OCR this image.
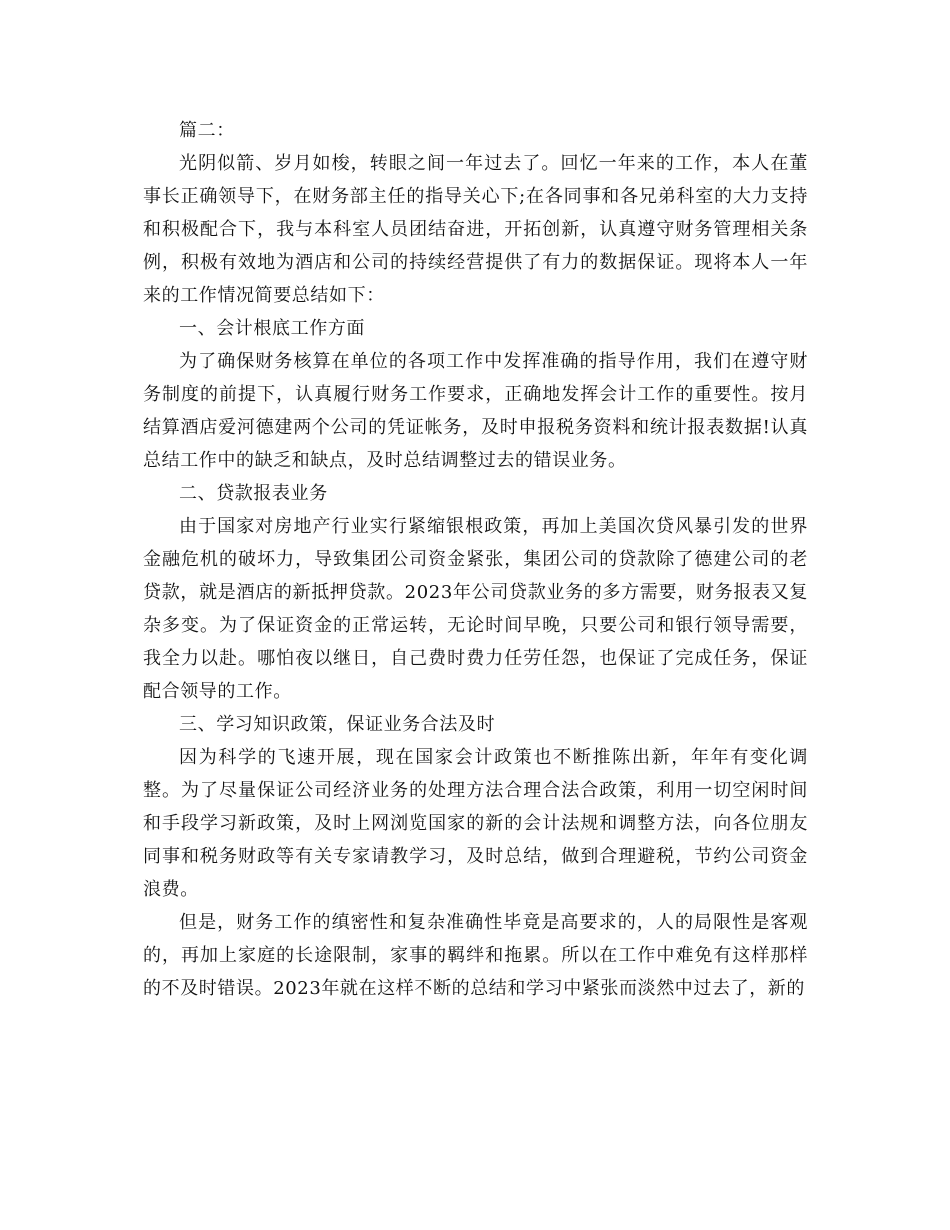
篇二：

光阴似箭、岁月如梭，转眼之间一年过去了。回忆一年来的工作，本人在董事长正确领导下，在财务部主任的指导关心下;在各同事和各兄弟科室的大力支持和积极配合下，我与本科室人员团结奋进，开拓创新，认真遵守财务管理相关条例，积极有效地为酒店和公司的持续经营提供了有力的数据保证。现将本人一年来的工作情况简要总结如下：

一、会计根底工作方面

为了确保财务核算在单位的各项工作中发挥准确的指导作用，我们在遵守财务制度的前提下，认真履行财务工作要求，正确地发挥会计工作的重要性。按月结算酒店爱河德建两个公司的凭证帐务，及时申报税务资料和统计报表数据!认真总结工作中的缺乏和缺点，及时总结调整过去的错误业务。

二、贷款报表业务

由于国家对房地产行业实行紧缩银根政策，再加上美国次贷风暴引发的世界金融危机的破坏力，导致集团公司资金紧张，集团公司的贷款除了德建公司的老贷款，就是酒店的新抵押贷款。2023年公司贷款业务的多方需要，财务报表又复杂多变。为了保证资金的正常运转，无论时间早晚，只要公司和银行领导需要，我全力以赴。哪怕夜以继日，自己费时费力任劳任怨，也保证了完成任务，保证配合领导的工作。

三、学习知识政策，保证业务合法及时

因为科学的飞速开展，现在国家会计政策也不断推陈出新，年年有变化调整。为了尽量保证公司经济业务的处理方法合理合法合政策，利用一切空闲时间和手段学习新政策，及时上网浏览国家的新的会计法规和调整方法，向各位朋友同事和税务财政等有关专家请教学习，及时总结，做到合理避税，节约公司资金浪费。

但是，财务工作的缜密性和复杂准确性毕竟是高要求的，人的局限性是客观的，再加上家庭的长途限制，家事的羁绊和拖累。所以在工作中难免有这样那样的不及时错误。2023年就在这样不断的总结和学习中紧张而淡然中过去了，新的
